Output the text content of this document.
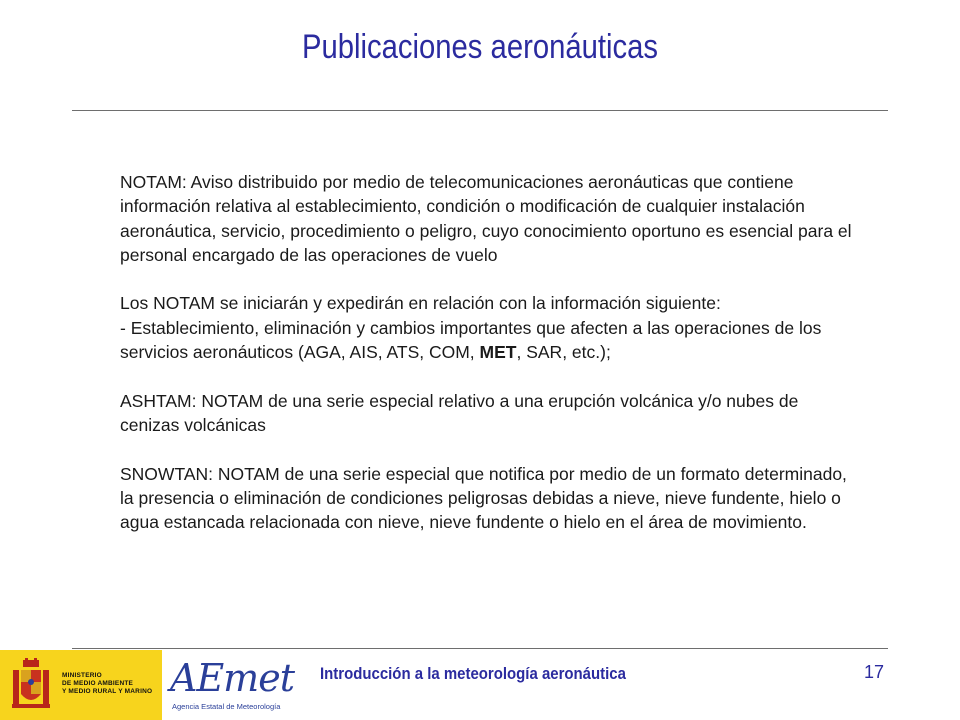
Publicaciones aeronáuticas

NOTAM: Aviso distribuido por medio de telecomunicaciones aeronáuticas que contiene información relativa al establecimiento, condición o modificación de cualquier instalación aeronáutica, servicio, procedimiento o peligro, cuyo conocimiento oportuno es esencial para el personal encargado de las operaciones de vuelo

Los NOTAM se iniciarán y expedirán en relación con la información siguiente:
- Establecimiento, eliminación y cambios importantes que afecten a las operaciones de los servicios aeronáuticos (AGA, AIS, ATS, COM, MET, SAR, etc.);

ASHTAM: NOTAM de una serie especial relativo a una erupción volcánica y/o nubes de cenizas volcánicas

SNOWTAN: NOTAM de una serie especial que notifica por medio de un formato determinado, la presencia o eliminación de condiciones peligrosas debidas a nieve, nieve fundente, hielo o agua estancada relacionada con nieve, nieve fundente o hielo en el área de movimiento.

MINISTERIO
DE MEDIO AMBIENTE
Y MEDIO RURAL Y MARINO AEmet
Agencia Estatal de Meteorología
Introducción a la meteorología aeronáutica	17
